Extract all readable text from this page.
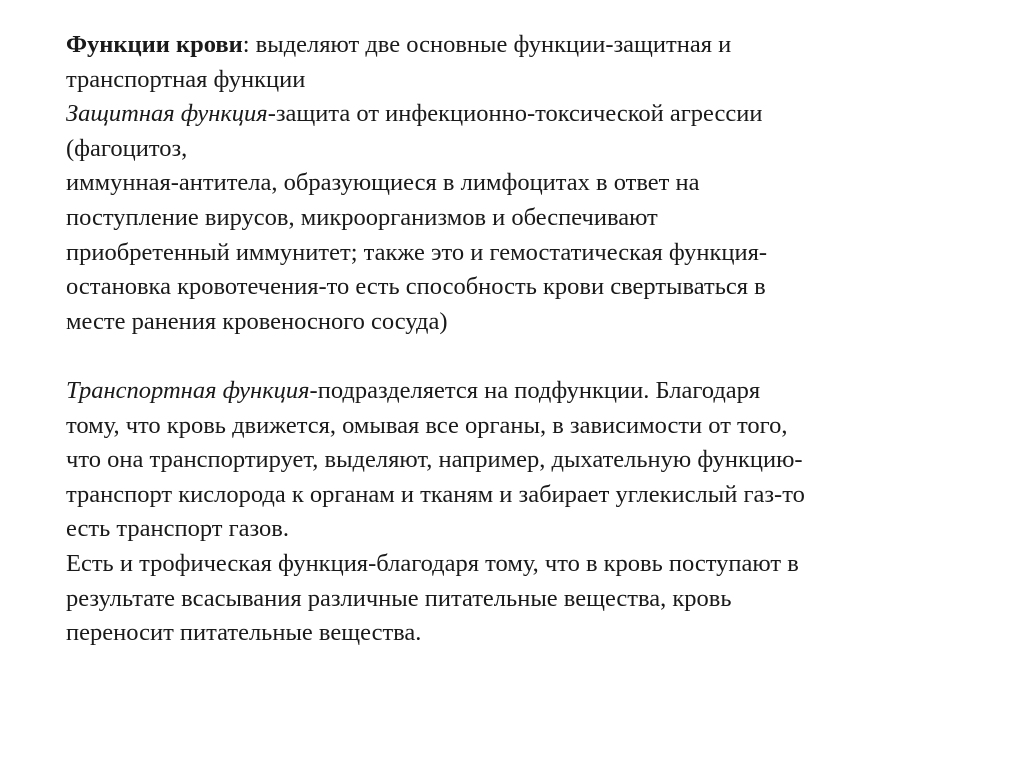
Функции крови: выделяют две основные функции-защитная и
транспортная функции
Защитная функция-защита от инфекционно-токсической агрессии
(фагоцитоз,
иммунная-антитела, образующиеся в лимфоцитах в ответ на
поступление вирусов, микроорганизмов и обеспечивают
приобретенный иммунитет; также это и гемостатическая функция-
остановка кровотечения-то есть способность крови свертываться в
месте ранения кровеносного сосуда)
Транспортная функция-подразделяется на подфункции. Благодаря
тому, что кровь движется, омывая все органы, в зависимости от того,
что она транспортирует, выделяют, например, дыхательную функцию-
транспорт кислорода к органам и тканям и забирает углекислый газ-то
есть транспорт газов.
Есть и трофическая функция-благодаря тому, что в кровь поступают в
результате всасывания различные питательные вещества, кровь
переносит питательные вещества.
